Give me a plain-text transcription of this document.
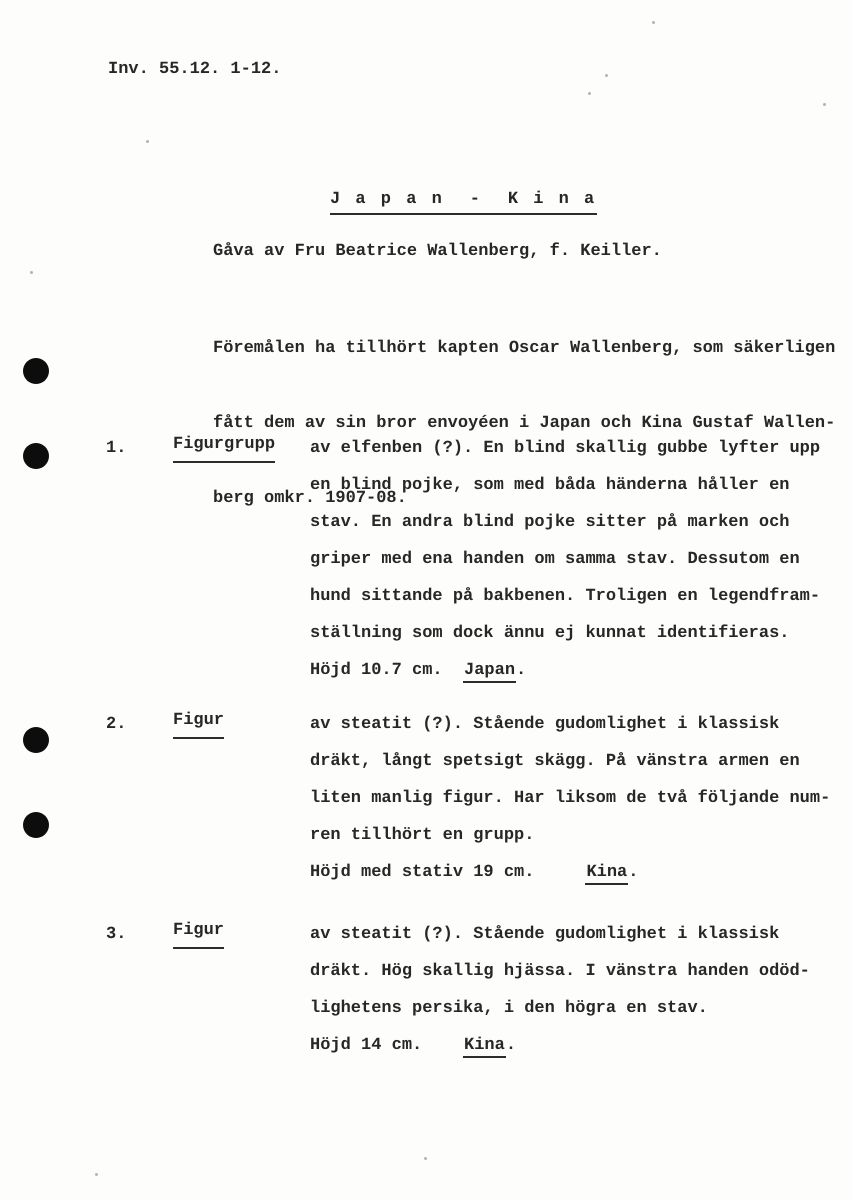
Inv. 55.12. 1-12.
J a p a n  -  K i n a
Gåva av Fru Beatrice Wallenberg, f. Keiller.

Föremålen ha tillhört kapten Oscar Wallenberg, som säkerligen

fått dem av sin bror envoyéen i Japan och Kina Gustaf Wallen-

berg omkr. 1907-08.

1.	Figurgrupp av elfenben (?). En blind skallig gubbe lyfter upp
en blind pojke, som med båda händerna håller en
stav. En andra blind pojke sitter på marken och
griper med ena handen om samma stav. Dessutom en
hund sittande på bakbenen. Troligen en legendfram-
ställning som dock ännu ej kunnat identifieras.
Höjd 10.7 cm.  Japan.
2.	Figur	av steatit (?). Stående gudomlighet i klassisk
dräkt, långt spetsigt skägg. På vänstra armen en
liten manlig figur. Har liksom de två följande num-
ren tillhört en grupp.
Höjd med stativ 19 cm.     Kina.
3.	Figur	av steatit (?). Stående gudomlighet i klassisk
dräkt. Hög skallig hjässa. I vänstra handen odöd-
lighetens persika, i den högra en stav.
Höjd 14 cm.    Kina.
